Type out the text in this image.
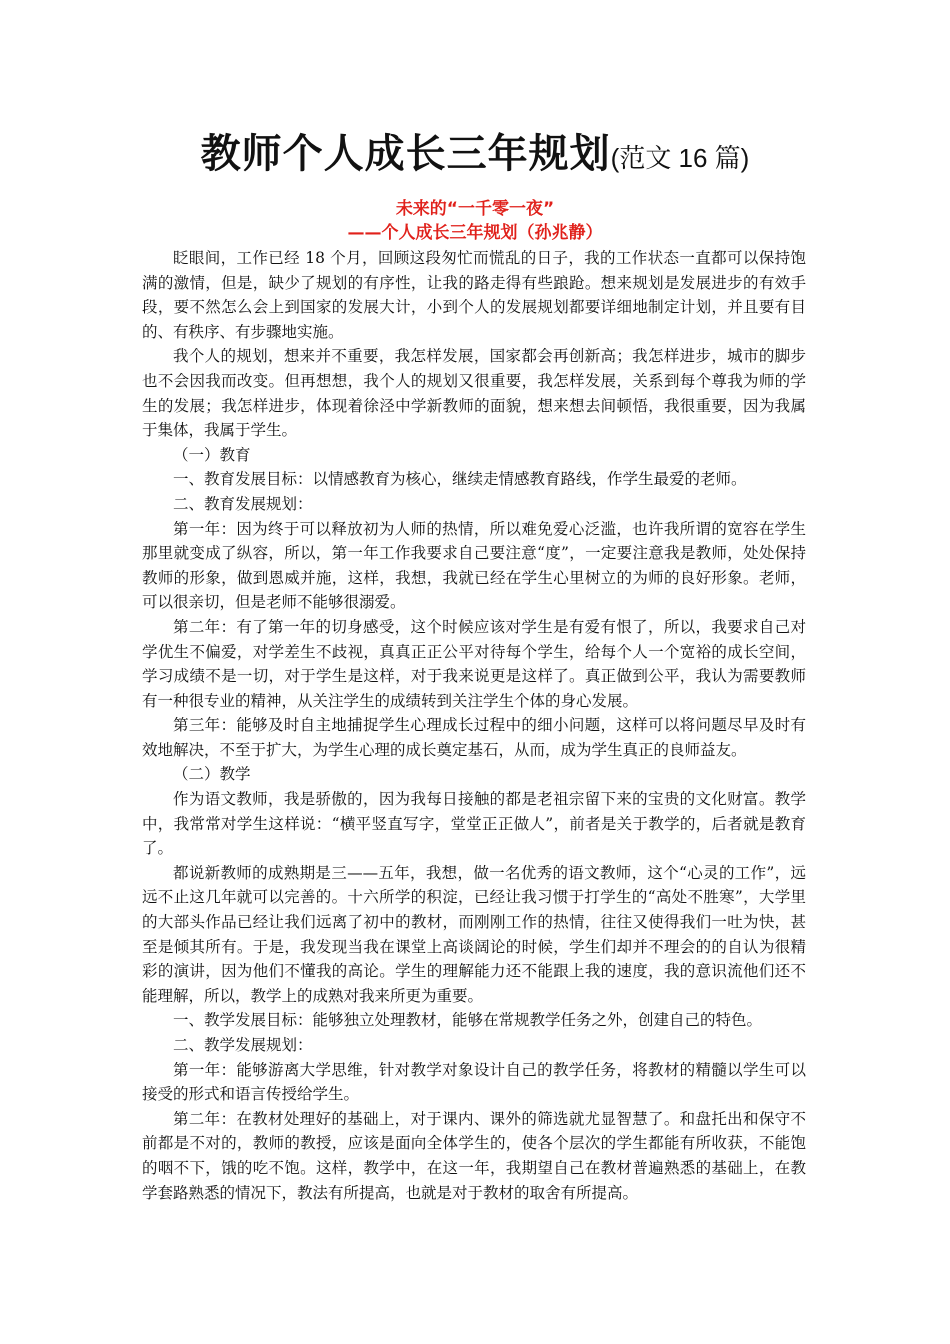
教师个人成长三年规划(范文 16 篇)
未来的“一千零一夜”
——个人成长三年规划（孙兆静）

眨眼间，工作已经 18 个月，回顾这段匆忙而慌乱的日子，我的工作状态一直都可以保持饱满的激情，但是，缺少了规划的有序性，让我的路走得有些踉跄。想来规划是发展进步的有效手段，要不然怎么会上到国家的发展大计，小到个人的发展规划都要详细地制定计划，并且要有目的、有秩序、有步骤地实施。

我个人的规划，想来并不重要，我怎样发展，国家都会再创新高；我怎样进步，城市的脚步也不会因我而改变。但再想想，我个人的规划又很重要，我怎样发展，关系到每个尊我为师的学生的发展；我怎样进步，体现着徐泾中学新教师的面貌，想来想去间顿悟，我很重要，因为我属于集体，我属于学生。

（一）教育

一、教育发展目标：以情感教育为核心，继续走情感教育路线，作学生最爱的老师。

二、教育发展规划：

第一年：因为终于可以释放初为人师的热情，所以难免爱心泛滥，也许我所谓的宽容在学生那里就变成了纵容，所以，第一年工作我要求自己要注意“度”，一定要注意我是教师，处处保持教师的形象，做到恩威并施，这样，我想，我就已经在学生心里树立的为师的良好形象。老师，可以很亲切，但是老师不能够很溺爱。

第二年：有了第一年的切身感受，这个时候应该对学生是有爱有恨了，所以，我要求自己对学优生不偏爱，对学差生不歧视，真真正正公平对待每个学生，给每个人一个宽裕的成长空间，学习成绩不是一切，对于学生是这样，对于我来说更是这样了。真正做到公平，我认为需要教师有一种很专业的精神，从关注学生的成绩转到关注学生个体的身心发展。

第三年：能够及时自主地捕捉学生心理成长过程中的细小问题，这样可以将问题尽早及时有效地解决，不至于扩大，为学生心理的成长奠定基石，从而，成为学生真正的良师益友。

（二）教学

作为语文教师，我是骄傲的，因为我每日接触的都是老祖宗留下来的宝贵的文化财富。教学中，我常常对学生这样说：“横平竖直写字，堂堂正正做人”，前者是关于教学的，后者就是教育了。

都说新教师的成熟期是三——五年，我想，做一名优秀的语文教师，这个“心灵的工作”，远远不止这几年就可以完善的。十六所学的积淀，已经让我习惯于打学生的“高处不胜寒”，大学里的大部头作品已经让我们远离了初中的教材，而刚刚工作的热情，往往又使得我们一吐为快，甚至是倾其所有。于是，我发现当我在课堂上高谈阔论的时候，学生们却并不理会的的自认为很精彩的演讲，因为他们不懂我的高论。学生的理解能力还不能跟上我的速度，我的意识流他们还不能理解，所以，教学上的成熟对我来所更为重要。

一、教学发展目标：能够独立处理教材，能够在常规教学任务之外，创建自己的特色。

二、教学发展规划：

第一年：能够游离大学思维，针对教学对象设计自己的教学任务，将教材的精髓以学生可以接受的形式和语言传授给学生。

第二年：在教材处理好的基础上，对于课内、课外的筛选就尤显智慧了。和盘托出和保守不前都是不对的，教师的教授，应该是面向全体学生的，使各个层次的学生都能有所收获，不能饱的咽不下，饿的吃不饱。这样，教学中，在这一年，我期望自己在教材普遍熟悉的基础上，在教学套路熟悉的情况下，教法有所提高，也就是对于教材的取舍有所提高。
